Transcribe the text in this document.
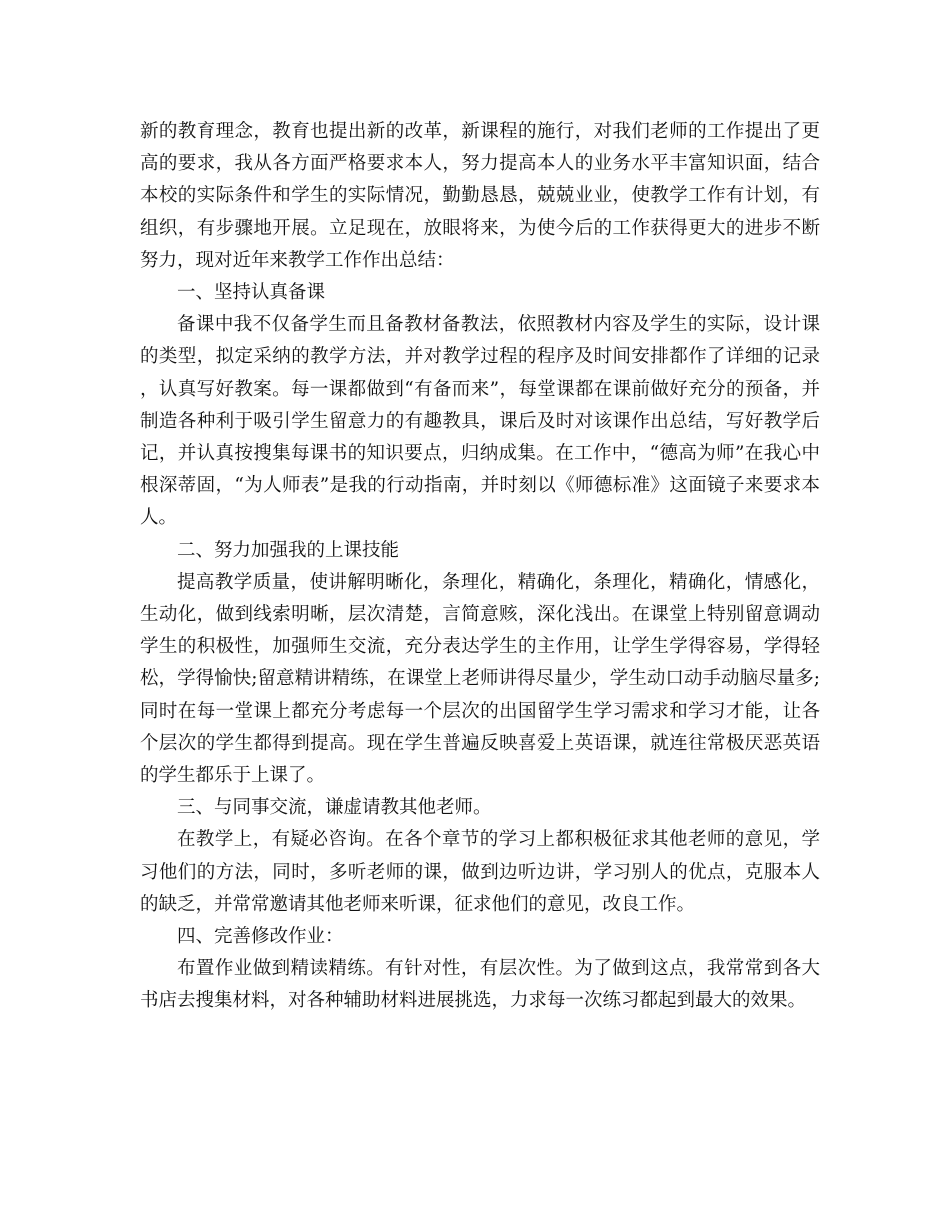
新的教育理念，教育也提出新的改革，新课程的施行，对我们老师的工作提出了更高的要求，我从各方面严格要求本人，努力提高本人的业务水平丰富知识面，结合本校的实际条件和学生的实际情况，勤勤恳恳，兢兢业业，使教学工作有计划，有组织，有步骤地开展。立足现在，放眼将来，为使今后的工作获得更大的进步不断努力，现对近年来教学工作作出总结：

一、坚持认真备课

备课中我不仅备学生而且备教材备教法，依照教材内容及学生的实际，设计课的类型，拟定采纳的教学方法，并对教学过程的程序及时间安排都作了详细的记录，认真写好教案。每一课都做到“有备而来”，每堂课都在课前做好充分的预备，并制造各种利于吸引学生留意力的有趣教具，课后及时对该课作出总结，写好教学后记，并认真按搜集每课书的知识要点，归纳成集。在工作中，“德高为师”在我心中根深蒂固，“为人师表”是我的行动指南，并时刻以《师德标准》这面镜子来要求本人。

二、努力加强我的上课技能

提高教学质量，使讲解明晰化，条理化，精确化，条理化，精确化，情感化，生动化，做到线索明晰，层次清楚，言简意赅，深化浅出。在课堂上特别留意调动学生的积极性，加强师生交流，充分表达学生的主作用，让学生学得容易，学得轻松，学得愉快;留意精讲精练，在课堂上老师讲得尽量少，学生动口动手动脑尽量多;同时在每一堂课上都充分考虑每一个层次的出国留学生学习需求和学习才能，让各个层次的学生都得到提高。现在学生普遍反映喜爱上英语课，就连往常极厌恶英语的学生都乐于上课了。

三、与同事交流，谦虚请教其他老师。

在教学上，有疑必咨询。在各个章节的学习上都积极征求其他老师的意见，学习他们的方法，同时，多听老师的课，做到边听边讲，学习别人的优点，克服本人的缺乏，并常常邀请其他老师来听课，征求他们的意见，改良工作。

四、完善修改作业：

布置作业做到精读精练。有针对性，有层次性。为了做到这点，我常常到各大书店去搜集材料，对各种辅助材料进展挑选，力求每一次练习都起到最大的效果。
